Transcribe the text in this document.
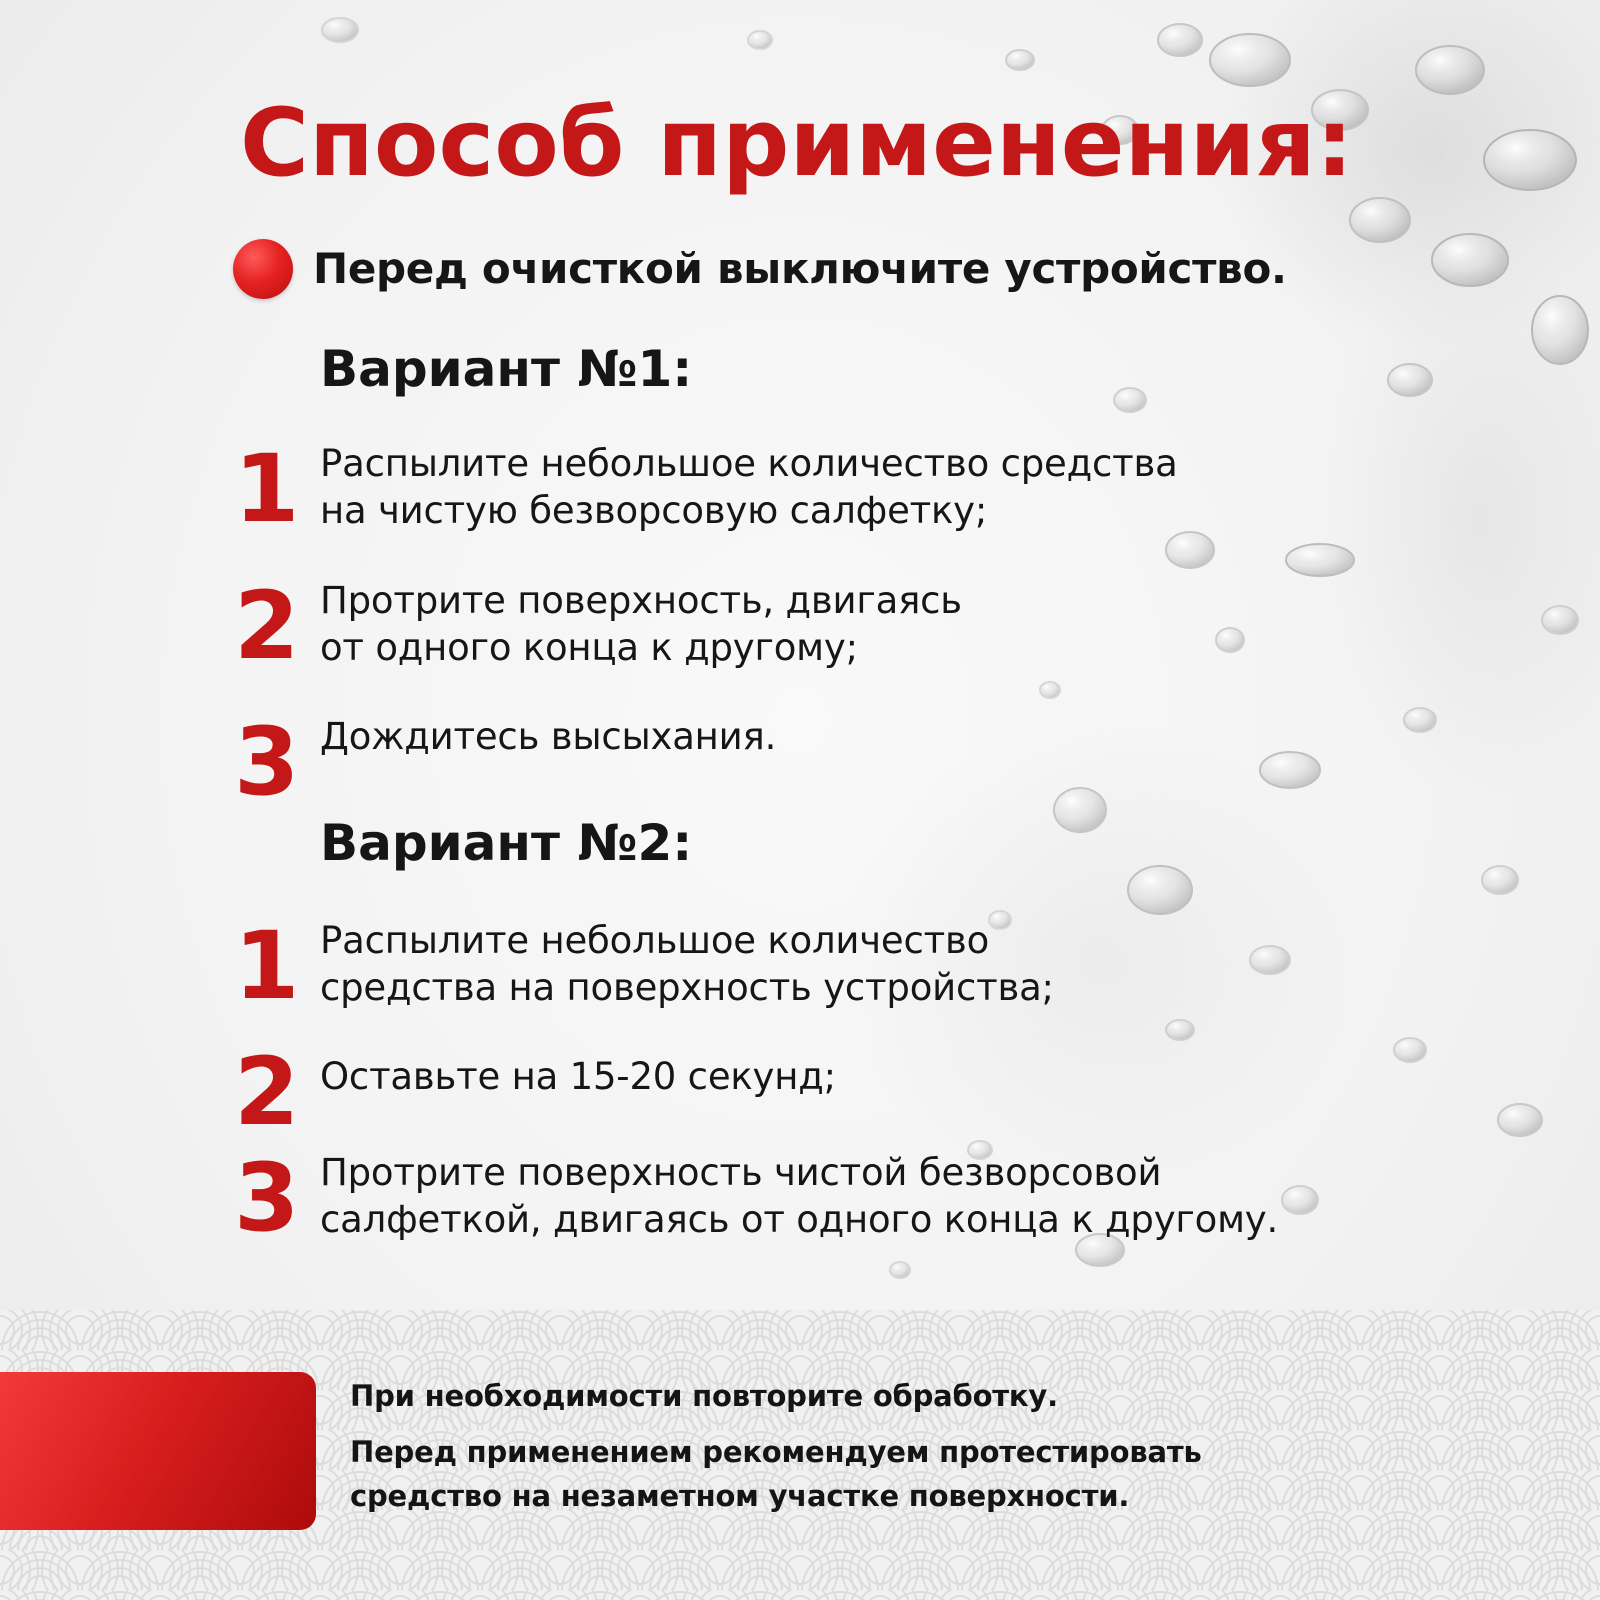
Способ применения:

Перед очисткой выключите устройство.

Вариант №1:
1 Распылите небольшое количество средства
на чистую безворсовую салфетку;

2 Протрите поверхность, двигаясь
от одного конца к другому;

3 Дождитесь высыхания.

Вариант №2:
1 Распылите небольшое количество
средства на поверхность устройства;

2 Оставьте на 15-20 секунд;

3 Протрите поверхность чистой безворсовой
салфеткой, двигаясь от одного конца к другому.

При необходимости повторите обработку.

Перед применением рекомендуем протестировать
средство на незаметном участке поверхности.
